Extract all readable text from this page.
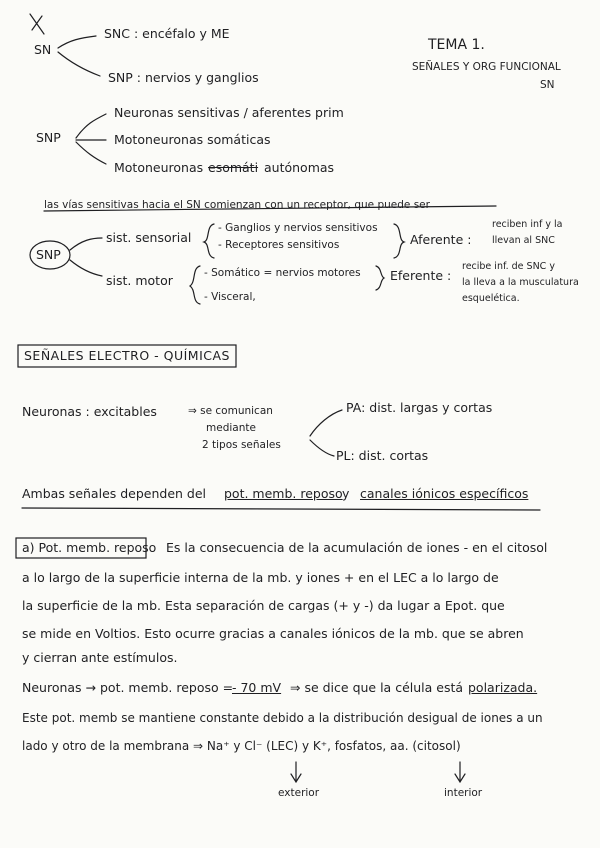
SN
SNC : encéfalo y ME
SNP : nervios y ganglios
TEMA 1.
SEÑALES Y ORG FUNCIONAL
SN
SNP
Neuronas sensitivas / aferentes prim
Motoneuronas somáticas
Motoneuronas esomáti autónomas
las vías sensitivas hacia el SN comienzan con un receptor, que puede ser
SNP
sist. sensorial
- Ganglios y nervios sensitivos
- Receptores sensitivos	Aferente :
reciben inf y la
llevan al SNC
sist. motor	- Somático = nervios motores
- Visceral,
Eferente :
recibe inf. de SNC y
la lleva a la musculatura
esquelética.
SEÑALES ELECTRO - QUÍMICAS
Neuronas : excitables	⇒ se comunican
mediante
2 tipos señales
PA: dist. largas y cortas
PL: dist. cortas
Ambas señales dependen del pot. memb. reposo y canales iónicos específicos
a) Pot. memb. reposo Es la consecuencia de la acumulación de iones - en el citosol
a lo largo de la superficie interna de la mb. y iones + en el LEC a lo largo de
la superficie de la mb. Esta separación de cargas (+ y -) da lugar a Epot. que
se mide en Voltios. Esto ocurre gracias a canales iónicos de la mb. que se abren
y cierran ante estímulos.
Neuronas → pot. memb. reposo =
- 70 mV ⇒ se dice que la célula está polarizada.
Este pot. memb se mantiene constante debido a la distribución desigual de iones a un
lado y otro de la membrana ⇒ Na⁺ y Cl⁻ (LEC) y K⁺, fosfatos, aa. (citosol)
exterior	interior
